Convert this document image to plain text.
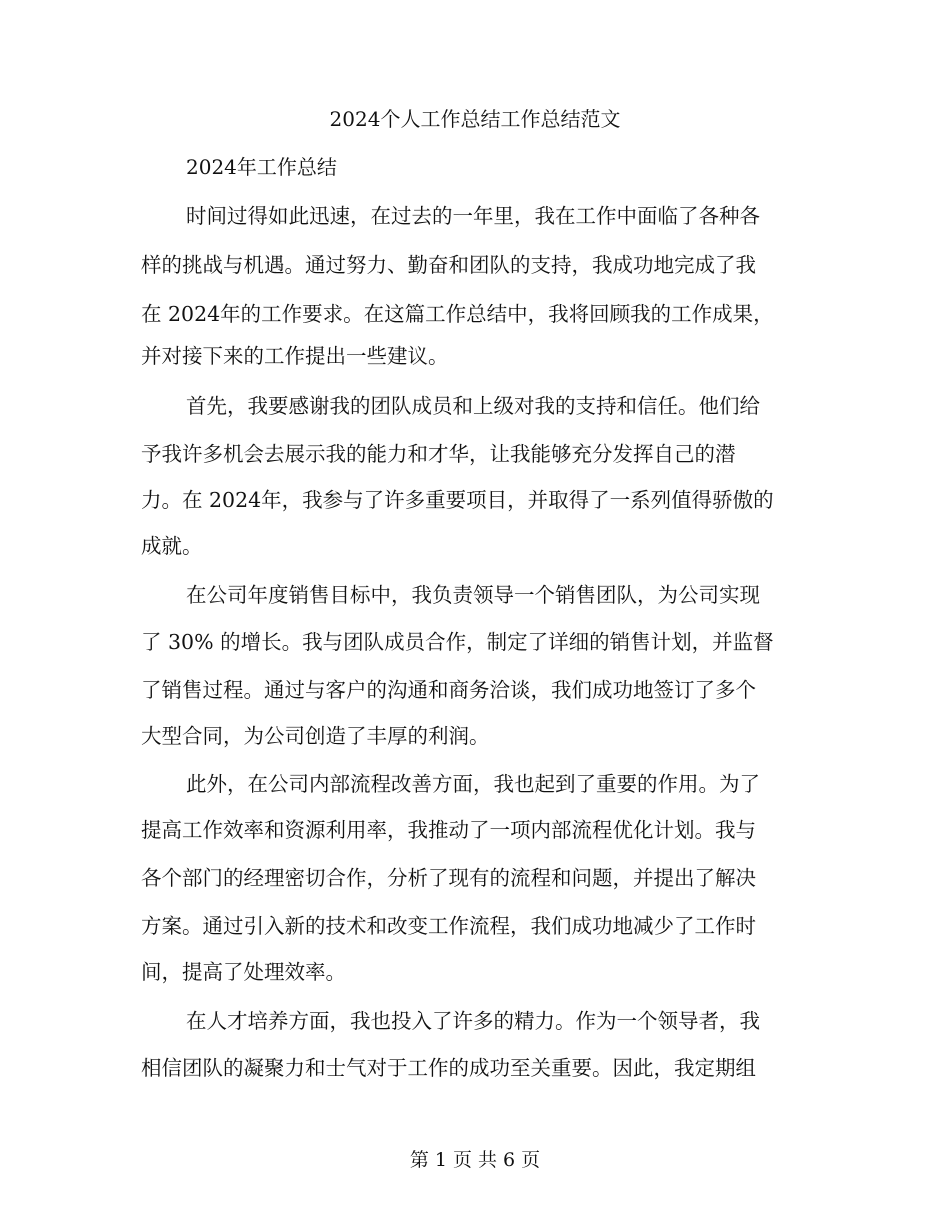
2024个人工作总结工作总结范文
2024年工作总结
时间过得如此迅速，在过去的一年里，我在工作中面临了各种各
样的挑战与机遇。通过努力、勤奋和团队的支持，我成功地完成了我
在 2024年的工作要求。在这篇工作总结中，我将回顾我的工作成果，
并对接下来的工作提出一些建议。
首先，我要感谢我的团队成员和上级对我的支持和信任。他们给
予我许多机会去展示我的能力和才华，让我能够充分发挥自己的潜
力。在 2024年，我参与了许多重要项目，并取得了一系列值得骄傲的
成就。
在公司年度销售目标中，我负责领导一个销售团队，为公司实现
了 30% 的增长。我与团队成员合作，制定了详细的销售计划，并监督
了销售过程。通过与客户的沟通和商务洽谈，我们成功地签订了多个
大型合同，为公司创造了丰厚的利润。
此外，在公司内部流程改善方面，我也起到了重要的作用。为了
提高工作效率和资源利用率，我推动了一项内部流程优化计划。我与
各个部门的经理密切合作，分析了现有的流程和问题，并提出了解决
方案。通过引入新的技术和改变工作流程，我们成功地减少了工作时
间，提高了处理效率。
在人才培养方面，我也投入了许多的精力。作为一个领导者，我
相信团队的凝聚力和士气对于工作的成功至关重要。因此，我定期组
第 1 页 共 6 页
